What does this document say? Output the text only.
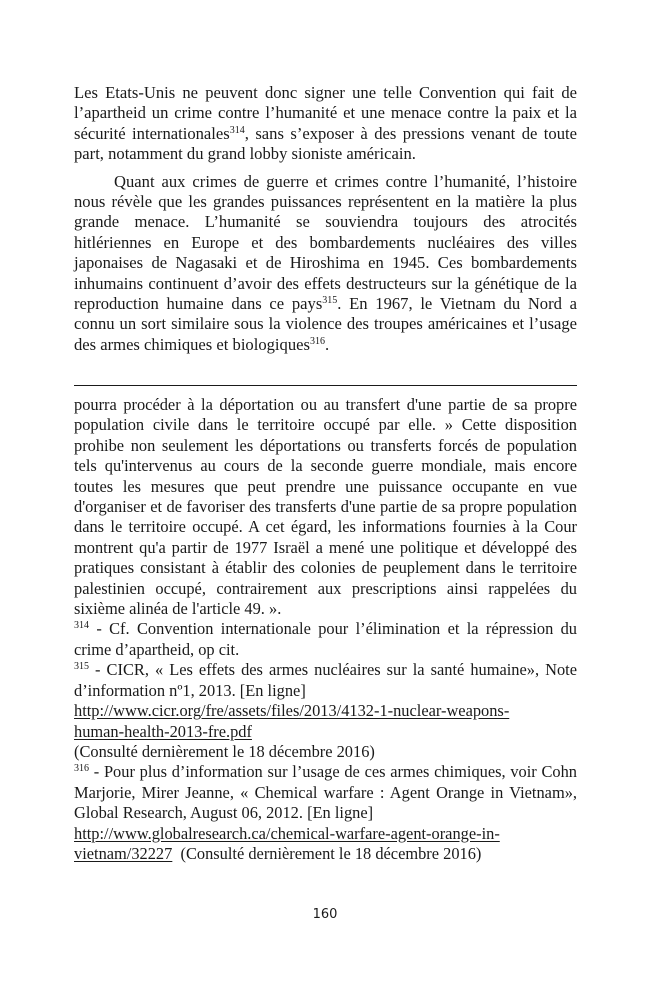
Les Etats-Unis ne peuvent donc signer une telle Convention qui fait de l’apartheid un crime contre l’humanité et une menace contre la paix et la sécurité internationales$^{314}$, sans s’exposer à des pressions venant de toute part, notamment du grand lobby sioniste américain.

Quant aux crimes de guerre et crimes contre l’humanité, l’histoire nous révèle que les grandes puissances représentent en la matière la plus grande menace. L’humanité se souviendra toujours des atrocités hitlériennes en Europe et des bombardements nucléaires des villes japonaises de Nagasaki et de Hiroshima en 1945. Ces bombardements inhumains continuent d’avoir des effets destructeurs sur la génétique de la reproduction humaine dans ce pays$^{315}$. En 1967, le Vietnam du Nord a connu un sort similaire sous la violence des troupes américaines et l’usage des armes chimiques et biologiques$^{316}$.

pourra procéder à la déportation ou au transfert d'une partie de sa propre population civile dans le territoire occupé par elle. » Cette disposition prohibe non seulement les déportations ou transferts forcés de population tels qu'intervenus au cours de la seconde guerre mondiale, mais encore toutes les mesures que peut prendre une puissance occupante en vue d'organiser et de favoriser des transferts d'une partie de sa propre population dans le territoire occupé. A cet égard, les informations fournies à la Cour montrent qu'a partir de 1977 Israël a mené une politique et développé des pratiques consistant à établir des colonies de peuplement dans le territoire palestinien occupé, contrairement aux prescriptions ainsi rappelées du sixième alinéa de l'article 49. ».

$^{314}$ - Cf. Convention internationale pour l’élimination et la répression du crime d’apartheid, op cit.

$^{315}$ - CICR, « Les effets des armes nucléaires sur la santé humaine», Note d’information nº1, 2013. [En ligne]

http://www.cicr.org/fre/assets/files/2013/4132-1-nuclear-weapons-
human-health-2013-fre.pdf
(Consulté dernièrement le 18 décembre 2016)

$^{316}$ - Pour plus d’information sur l’usage de ces armes chimiques, voir Cohn Marjorie, Mirer Jeanne, « Chemical warfare : Agent Orange in Vietnam», Global Research, August 06, 2012. [En ligne]

http://www.globalresearch.ca/chemical-warfare-agent-orange-in-
vietnam/32227  (Consulté dernièrement le 18 décembre 2016)

160
